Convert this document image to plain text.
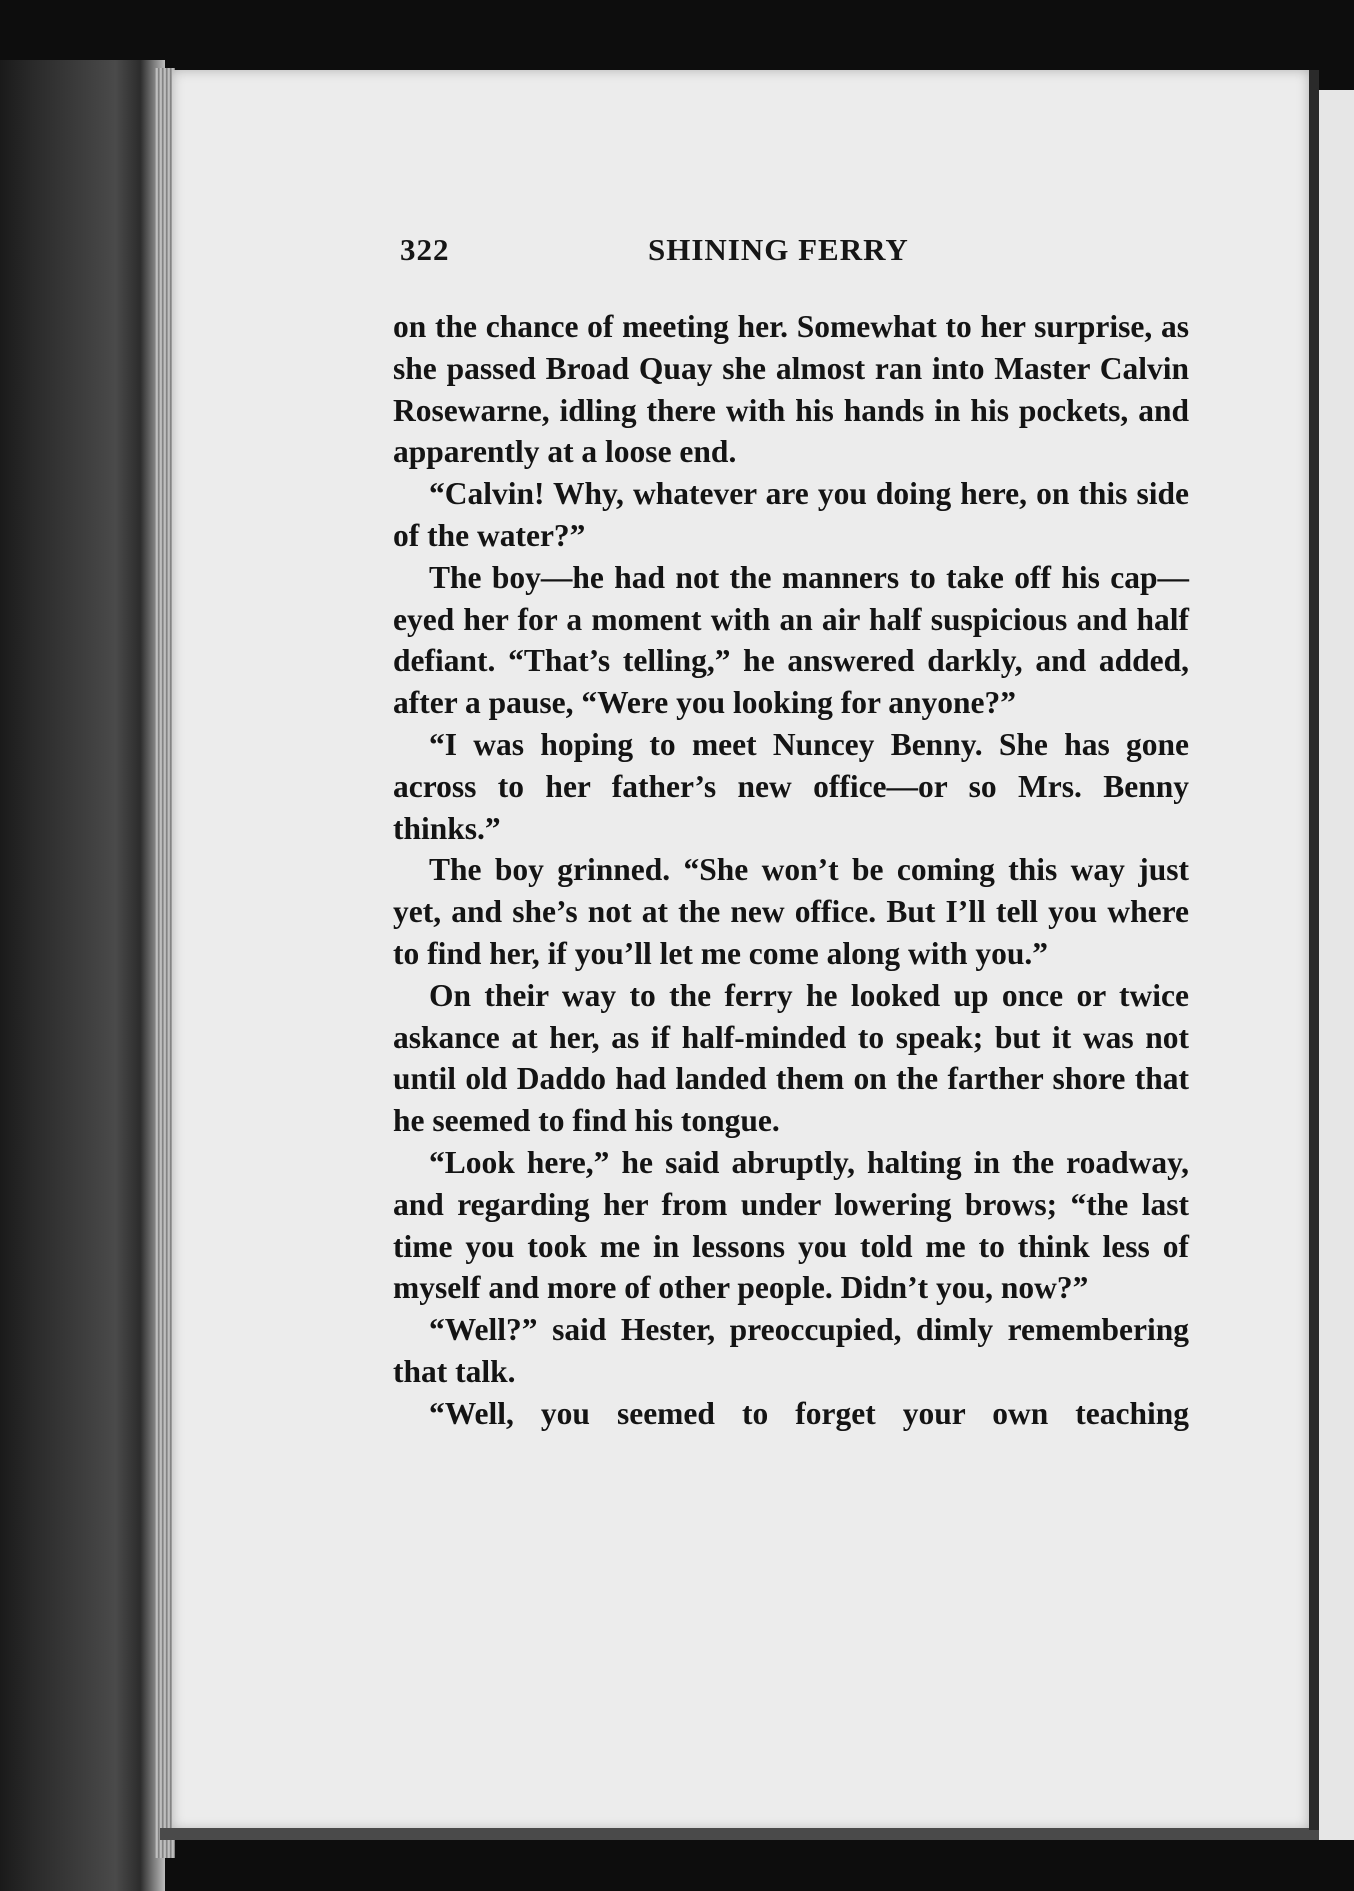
322	SHINING FERRY

on the chance of meeting her. Somewhat to her surprise, as she passed Broad Quay she almost ran into Master Calvin Rosewarne, idling there with his hands in his pockets, and apparently at a loose end.

“Calvin! Why, whatever are you doing here, on this side of the water?”

The boy—he had not the manners to take off his cap—eyed her for a moment with an air half suspicious and half defiant. “That’s telling,” he answered darkly, and added, after a pause, “Were you looking for anyone?”

“I was hoping to meet Nuncey Benny. She has gone across to her father’s new office—or so Mrs. Benny thinks.”

The boy grinned. “She won’t be coming this way just yet, and she’s not at the new office. But I’ll tell you where to find her, if you’ll let me come along with you.”

On their way to the ferry he looked up once or twice askance at her, as if half-minded to speak; but it was not until old Daddo had landed them on the farther shore that he seemed to find his tongue.

“Look here,” he said abruptly, halting in the roadway, and regarding her from under lowering brows; “the last time you took me in lessons you told me to think less of myself and more of other people. Didn’t you, now?”

“Well?” said Hester, preoccupied, dimly remembering that talk.

“Well, you seemed to forget your own teaching
